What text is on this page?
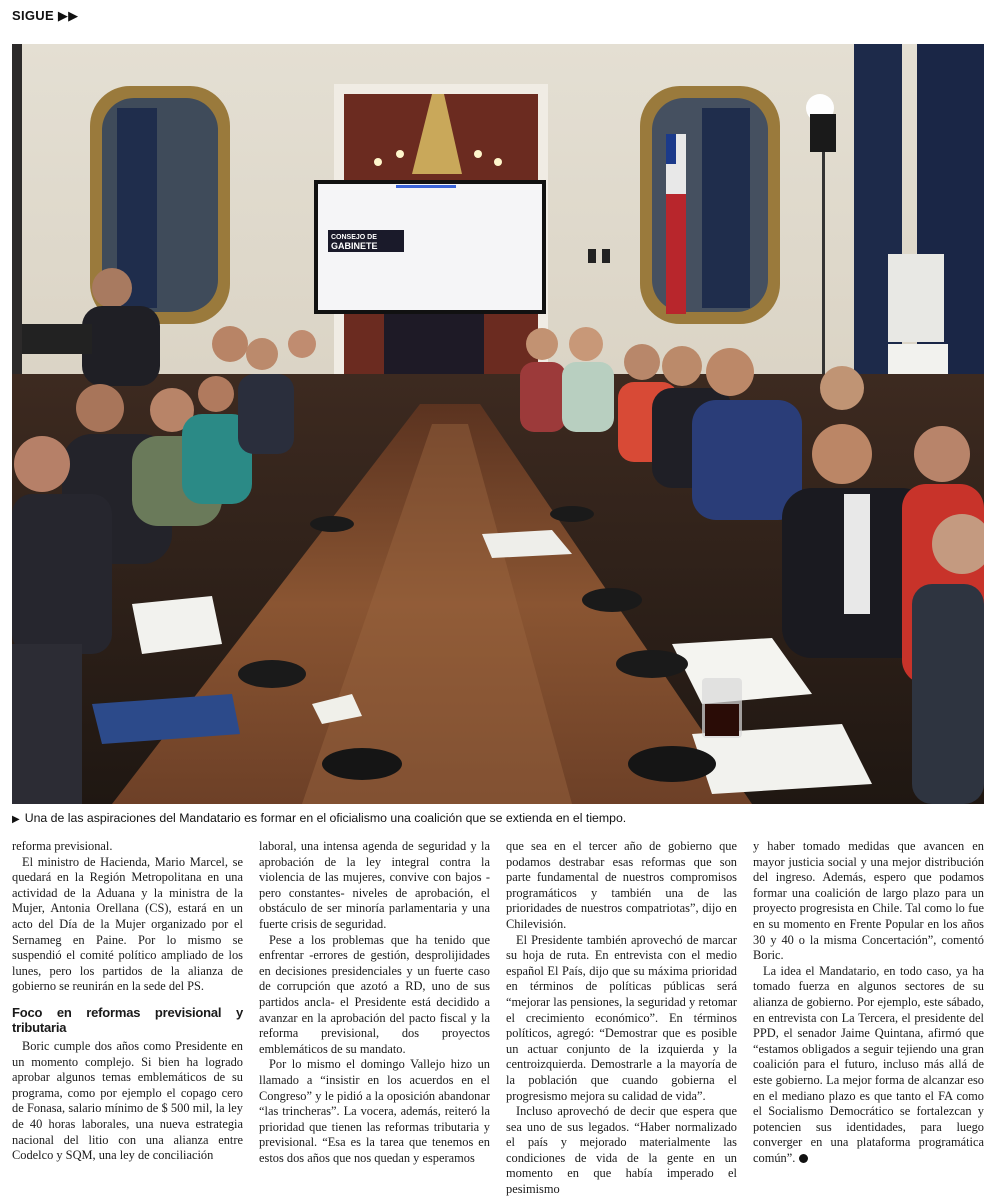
SIGUE ▶▶
CONSEJO DE
GABINETE
▶ Una de las aspiraciones del Mandatario es formar en el oficialismo una coalición que se extienda en el tiempo.

reforma previsional.

El ministro de Hacienda, Mario Marcel, se quedará en la Región Metropolitana en una actividad de la Aduana y la ministra de la Mujer, Antonia Orellana (CS), estará en un acto del Día de la Mujer organizado por el Sernameg en Paine. Por lo mismo se suspendió el comité político ampliado de los lunes, pero los partidos de la alianza de gobierno se reunirán en la sede del PS.

Foco en reformas previsional y tributaria

Boric cumple dos años como Presidente en un momento complejo. Si bien ha logrado aprobar algunos temas emblemáticos de su programa, como por ejemplo el copago cero de Fonasa, salario mínimo de $ 500 mil, la ley de 40 horas laborales, una nueva estrategia nacional del litio con una alianza entre Codelco y SQM, una ley de conciliación

laboral, una intensa agenda de seguridad y la aprobación de la ley integral contra la violencia de las mujeres, convive con bajos -pero constantes- niveles de aprobación, el obstáculo de ser minoría parlamentaria y una fuerte crisis de seguridad.

Pese a los problemas que ha tenido que enfrentar -errores de gestión, desprolijidades en decisiones presidenciales y un fuerte caso de corrupción que azotó a RD, uno de sus partidos ancla- el Presidente está decidido a avanzar en la aprobación del pacto fiscal y la reforma previsional, dos proyectos emblemáticos de su mandato.

Por lo mismo el domingo Vallejo hizo un llamado a “insistir en los acuerdos en el Congreso” y le pidió a la oposición abandonar “las trincheras”. La vocera, además, reiteró la prioridad que tienen las reformas tributaria y previsional. “Esa es la tarea que tenemos en estos dos años que nos quedan y esperamos

que sea en el tercer año de gobierno que podamos destrabar esas reformas que son parte fundamental de nuestros compromisos programáticos y también una de las prioridades de nuestros compatriotas”, dijo en Chilevisión.

El Presidente también aprovechó de marcar su hoja de ruta. En entrevista con el medio español El País, dijo que su máxima prioridad en términos de políticas públicas será “mejorar las pensiones, la seguridad y retomar el crecimiento económico”. En términos políticos, agregó: “Demostrar que es posible un actuar conjunto de la izquierda y la centroizquierda. Demostrarle a la mayoría de la población que cuando gobierna el progresismo mejora su calidad de vida”.

Incluso aprovechó de decir que espera que sea uno de sus legados. “Haber normalizado el país y mejorado materialmente las condiciones de vida de la gente en un momento en que había imperado el pesimismo

y haber tomado medidas que avancen en mayor justicia social y una mejor distribución del ingreso. Además, espero que podamos formar una coalición de largo plazo para un proyecto progresista en Chile. Tal como lo fue en su momento en Frente Popular en los años 30 y 40 o la misma Concertación”, comentó Boric.

La idea el Mandatario, en todo caso, ya ha tomado fuerza en algunos sectores de su alianza de gobierno. Por ejemplo, este sábado, en entrevista con La Tercera, el presidente del PPD, el senador Jaime Quintana, afirmó que “estamos obligados a seguir tejiendo una gran coalición para el futuro, incluso más allá de este gobierno. La mejor forma de alcanzar eso en el mediano plazo es que tanto el FA como el Socialismo Democrático se fortalezcan y potencien sus identidades, para luego converger en una plataforma programática común”.
